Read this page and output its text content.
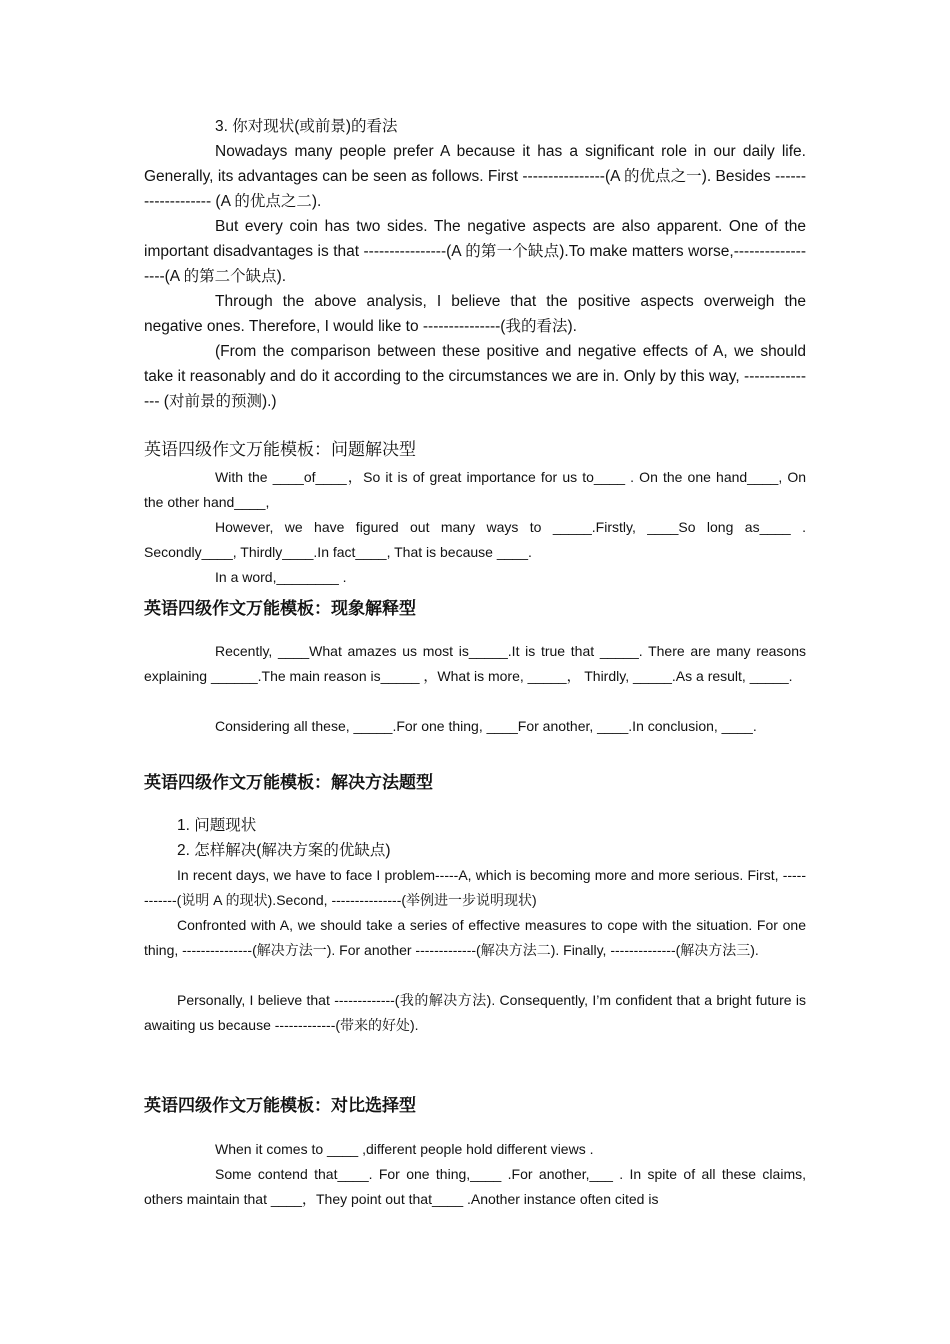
3. 你对现状(或前景)的看法

Nowadays many people prefer A because it has a significant role in our daily life. Generally, its advantages can be seen as follows. First ----------------(A 的优点之一). Besides ------------------- (A 的优点之二).

But every coin has two sides. The negative aspects are also apparent. One of the important disadvantages is that ----------------(A 的第一个缺点).To make matters worse,------------------(A 的第二个缺点).

Through the above analysis, I believe that the positive aspects overweigh the negative ones. Therefore, I would like to ---------------(我的看法).

(From the comparison between these positive and negative effects of A, we should take it reasonably and do it according to the circumstances we are in. Only by this way, --------------- (对前景的预测).)

英语四级作文万能模板：问题解决型

With the ____of____，So it is of great importance for us to____ . On the one hand____, On the other hand____,

However, we have figured out many ways to _____.Firstly, ____So long as____ . Secondly____, Thirdly____.In fact____, That is because ____.

In a word,________ .

英语四级作文万能模板：现象解释型

Recently, ____What amazes us most is_____.It is true that _____. There are many reasons explaining ______.The main reason is_____ ，What is more, _____， Thirdly, _____.As a result, _____.

Considering all these, _____.For one thing, ____For another, ____.In conclusion, ____.

英语四级作文万能模板：解决方法题型
1. 问题现状
2. 怎样解决(解决方案的优缺点)

In recent days, we have to face I problem-----A, which is becoming more and more serious. First, ------------(说明 A 的现状).Second, ---------------(举例进一步说明现状)

Confronted with A, we should take a series of effective measures to cope with the situation. For one thing, ---------------(解决方法一). For another -------------(解决方法二). Finally, --------------(解决方法三).

Personally, I believe that -------------(我的解决方法). Consequently, I’m confident that a bright future is awaiting us because -------------(带来的好处).

英语四级作文万能模板：对比选择型

When it comes to ____ ,different people hold different views .

Some contend that____. For one thing,____ .For another,___ . In spite of all these claims, others maintain that ____，They point out that____ .Another instance often cited is
